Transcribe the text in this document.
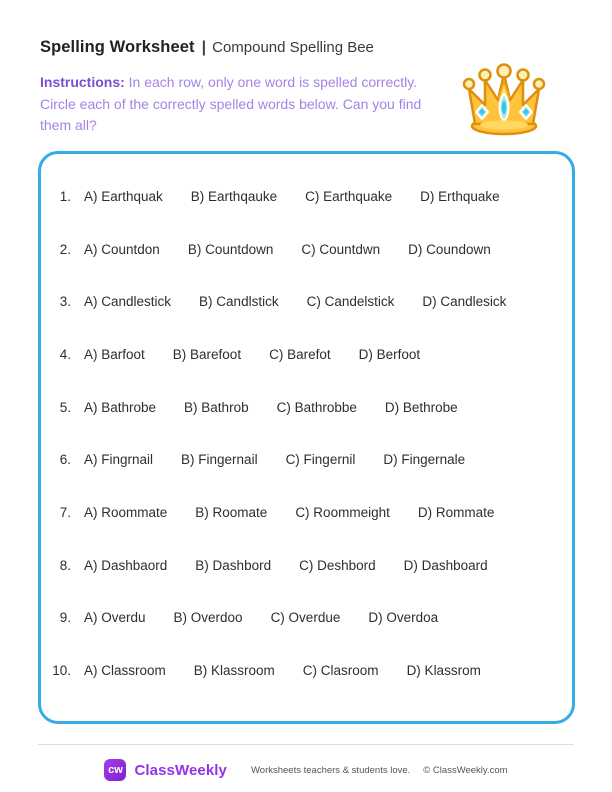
Spelling Worksheet | Compound Spelling Bee
Instructions: In each row, only one word is spelled correctly. Circle each of the correctly spelled words below. Can you find them all?
1. A) Earthquak B) Earthqauke C) Earthquake D) Erthquake
2. A) Countdon B) Countdown C) Countdwn D) Coundown
3. A) Candlestick B) Candlstick C) Candelstick D) Candlesick
4. A) Barfoot B) Barefoot C) Barefot D) Berfoot
5. A) Bathrobe B) Bathrob C) Bathrobbe D) Bethrobe
6. A) Fingrnail B) Fingernail C) Fingernil D) Fingernale
7. A) Roommate B) Roomate C) Roommeight D) Rommate
8. A) Dashbaord B) Dashbord C) Deshbord D) Dashboard
9. A) Overdu B) Overdoo C) Overdue D) Overdoa
10. A) Classroom B) Klassroom C) Clasroom D) Klassrom
cw ClassWeekly	Worksheets teachers & students love. © ClassWeekly.com
